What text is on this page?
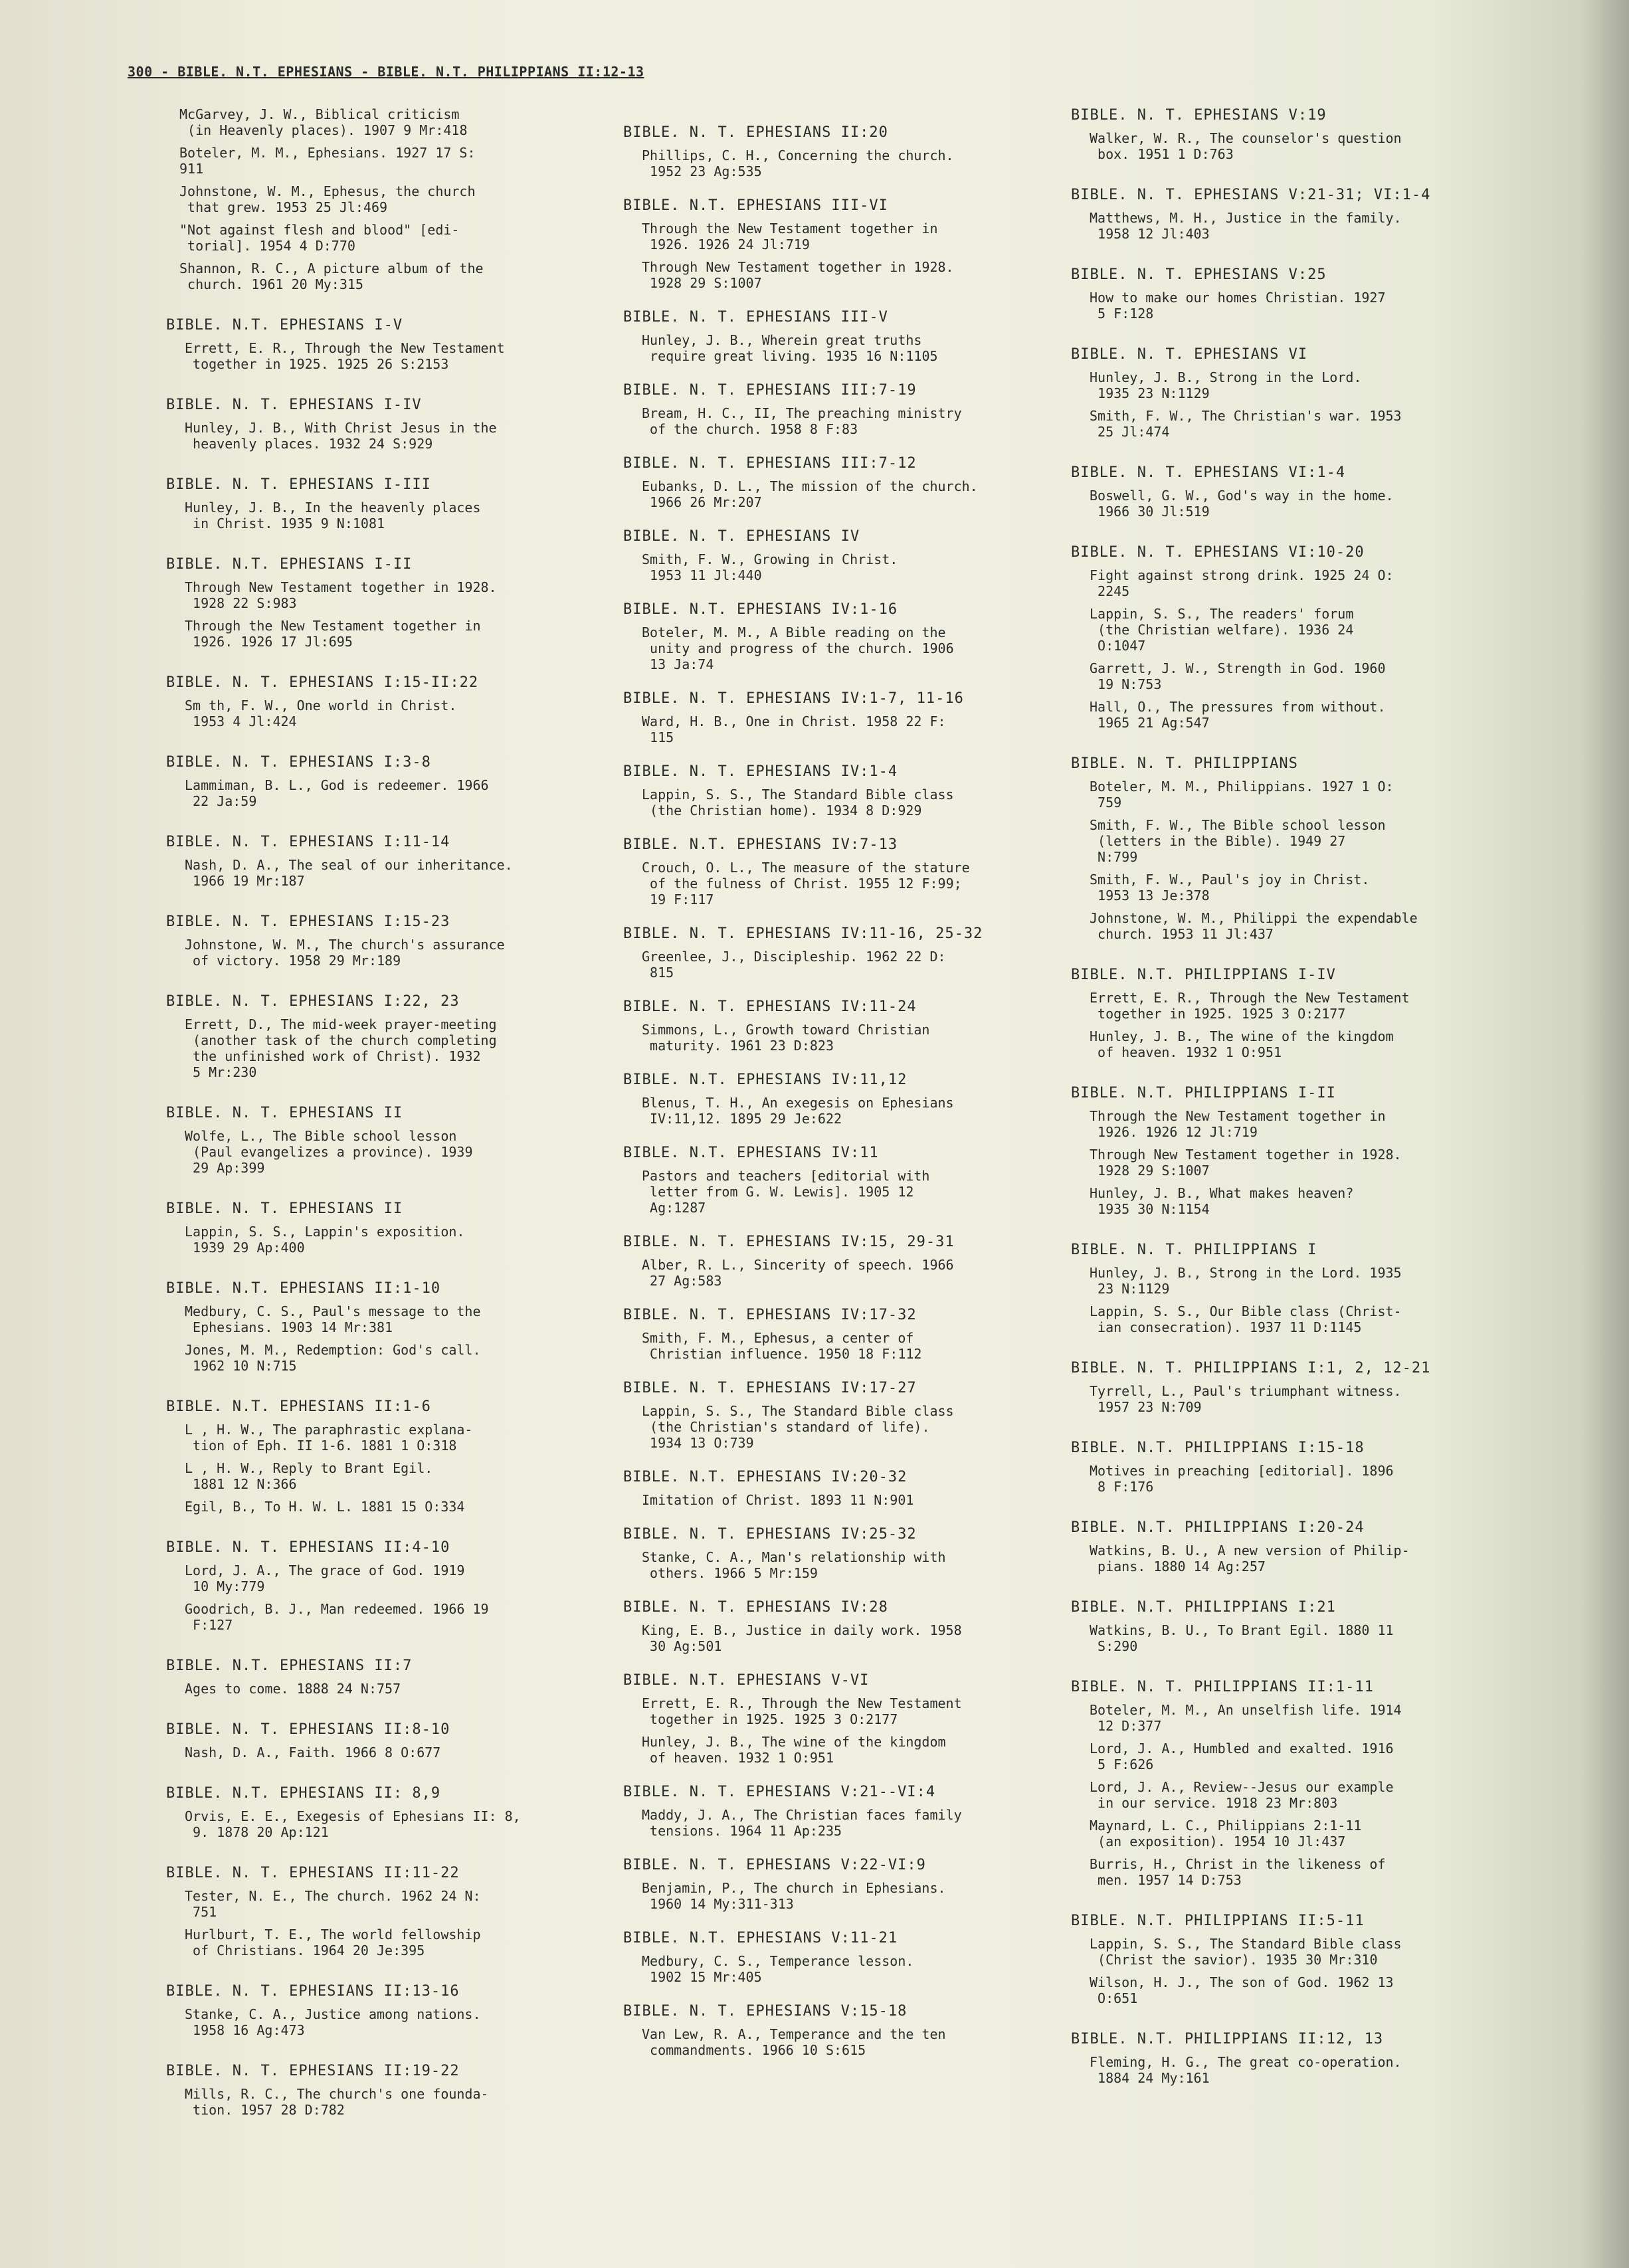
300 - BIBLE. N.T. EPHESIANS - BIBLE. N.T. PHILIPPIANS II:12-13
McGarvey, J. W., Biblical criticism
(in Heavenly places). 1907 9 Mr:418
Boteler, M. M., Ephesians. 1927 17 S:
911
Johnstone, W. M., Ephesus, the church
that grew. 1953 25 Jl:469
"Not against flesh and blood" [edi-
torial]. 1954 4 D:770
Shannon, R. C., A picture album of the
church. 1961 20 My:315
BIBLE. N.T. EPHESIANS I-V
Errett, E. R., Through the New Testament
together in 1925. 1925 26 S:2153
BIBLE. N. T. EPHESIANS I-IV
Hunley, J. B., With Christ Jesus in the
heavenly places. 1932 24 S:929
BIBLE. N. T. EPHESIANS I-III
Hunley, J. B., In the heavenly places
in Christ. 1935 9 N:1081
BIBLE. N.T. EPHESIANS I-II
Through New Testament together in 1928.
1928 22 S:983
Through the New Testament together in
1926. 1926 17 Jl:695
BIBLE. N. T. EPHESIANS I:15-II:22
Sm th, F. W., One world in Christ.
1953 4 Jl:424
BIBLE. N. T. EPHESIANS I:3-8
Lammiman, B. L., God is redeemer. 1966
22 Ja:59
BIBLE. N. T. EPHESIANS I:11-14
Nash, D. A., The seal of our inheritance.
1966 19 Mr:187
BIBLE. N. T. EPHESIANS I:15-23
Johnstone, W. M., The church's assurance
of victory. 1958 29 Mr:189
BIBLE. N. T. EPHESIANS I:22, 23
Errett, D., The mid-week prayer-meeting
(another task of the church completing
the unfinished work of Christ). 1932
5 Mr:230
BIBLE. N. T. EPHESIANS II
Wolfe, L., The Bible school lesson
(Paul evangelizes a province). 1939
29 Ap:399
BIBLE. N. T. EPHESIANS II
Lappin, S. S., Lappin's exposition.
1939 29 Ap:400
BIBLE. N.T. EPHESIANS II:1-10
Medbury, C. S., Paul's message to the
Ephesians. 1903 14 Mr:381
Jones, M. M., Redemption: God's call.
1962 10 N:715
BIBLE. N.T. EPHESIANS II:1-6
L , H. W., The paraphrastic explana-
tion of Eph. II 1-6. 1881 1 O:318
L , H. W., Reply to Brant Egil.
1881 12 N:366
Egil, B., To H. W. L. 1881 15 O:334
BIBLE. N. T. EPHESIANS II:4-10
Lord, J. A., The grace of God. 1919
10 My:779
Goodrich, B. J., Man redeemed. 1966 19
F:127
BIBLE. N.T. EPHESIANS II:7
Ages to come. 1888 24 N:757
BIBLE. N. T. EPHESIANS II:8-10
Nash, D. A., Faith. 1966 8 O:677
BIBLE. N.T. EPHESIANS II: 8,9
Orvis, E. E., Exegesis of Ephesians II: 8,
9. 1878 20 Ap:121
BIBLE. N. T. EPHESIANS II:11-22
Tester, N. E., The church. 1962 24 N:
751
Hurlburt, T. E., The world fellowship
of Christians. 1964 20 Je:395
BIBLE. N. T. EPHESIANS II:13-16
Stanke, C. A., Justice among nations.
1958 16 Ag:473
BIBLE. N. T. EPHESIANS II:19-22
Mills, R. C., The church's one founda-
tion. 1957 28 D:782
BIBLE. N. T. EPHESIANS II:20
Phillips, C. H., Concerning the church.
1952 23 Ag:535
BIBLE. N.T. EPHESIANS III-VI
Through the New Testament together in
1926. 1926 24 Jl:719
Through New Testament together in 1928.
1928 29 S:1007
BIBLE. N. T. EPHESIANS III-V
Hunley, J. B., Wherein great truths
require great living. 1935 16 N:1105
BIBLE. N. T. EPHESIANS III:7-19
Bream, H. C., II, The preaching ministry
of the church. 1958 8 F:83
BIBLE. N. T. EPHESIANS III:7-12
Eubanks, D. L., The mission of the church.
1966 26 Mr:207
BIBLE. N. T. EPHESIANS IV
Smith, F. W., Growing in Christ.
1953 11 Jl:440
BIBLE. N.T. EPHESIANS IV:1-16
Boteler, M. M., A Bible reading on the
unity and progress of the church. 1906
13 Ja:74
BIBLE. N. T. EPHESIANS IV:1-7, 11-16
Ward, H. B., One in Christ. 1958 22 F:
115
BIBLE. N. T. EPHESIANS IV:1-4
Lappin, S. S., The Standard Bible class
(the Christian home). 1934 8 D:929
BIBLE. N.T. EPHESIANS IV:7-13
Crouch, O. L., The measure of the stature
of the fulness of Christ. 1955 12 F:99;
19 F:117
BIBLE. N. T. EPHESIANS IV:11-16, 25-32
Greenlee, J., Discipleship. 1962 22 D:
815
BIBLE. N. T. EPHESIANS IV:11-24
Simmons, L., Growth toward Christian
maturity. 1961 23 D:823
BIBLE. N.T. EPHESIANS IV:11,12
Blenus, T. H., An exegesis on Ephesians
IV:11,12. 1895 29 Je:622
BIBLE. N.T. EPHESIANS IV:11
Pastors and teachers [editorial with
letter from G. W. Lewis]. 1905 12
Ag:1287
BIBLE. N. T. EPHESIANS IV:15, 29-31
Alber, R. L., Sincerity of speech. 1966
27 Ag:583
BIBLE. N. T. EPHESIANS IV:17-32
Smith, F. M., Ephesus, a center of
Christian influence. 1950 18 F:112
BIBLE. N. T. EPHESIANS IV:17-27
Lappin, S. S., The Standard Bible class
(the Christian's standard of life).
1934 13 O:739
BIBLE. N.T. EPHESIANS IV:20-32
Imitation of Christ. 1893 11 N:901
BIBLE. N. T. EPHESIANS IV:25-32
Stanke, C. A., Man's relationship with
others. 1966 5 Mr:159
BIBLE. N. T. EPHESIANS IV:28
King, E. B., Justice in daily work. 1958
30 Ag:501
BIBLE. N.T. EPHESIANS V-VI
Errett, E. R., Through the New Testament
together in 1925. 1925 3 O:2177
Hunley, J. B., The wine of the kingdom
of heaven. 1932 1 O:951
BIBLE. N. T. EPHESIANS V:21--VI:4
Maddy, J. A., The Christian faces family
tensions. 1964 11 Ap:235
BIBLE. N. T. EPHESIANS V:22-VI:9
Benjamin, P., The church in Ephesians.
1960 14 My:311-313
BIBLE. N.T. EPHESIANS V:11-21
Medbury, C. S., Temperance lesson.
1902 15 Mr:405
BIBLE. N. T. EPHESIANS V:15-18
Van Lew, R. A., Temperance and the ten
commandments. 1966 10 S:615
BIBLE. N. T. EPHESIANS V:19
Walker, W. R., The counselor's question
box. 1951 1 D:763
BIBLE. N. T. EPHESIANS V:21-31; VI:1-4
Matthews, M. H., Justice in the family.
1958 12 Jl:403
BIBLE. N. T. EPHESIANS V:25
How to make our homes Christian. 1927
5 F:128
BIBLE. N. T. EPHESIANS VI
Hunley, J. B., Strong in the Lord.
1935 23 N:1129
Smith, F. W., The Christian's war. 1953
25 Jl:474
BIBLE. N. T. EPHESIANS VI:1-4
Boswell, G. W., God's way in the home.
1966 30 Jl:519
BIBLE. N. T. EPHESIANS VI:10-20
Fight against strong drink. 1925 24 O:
2245
Lappin, S. S., The readers' forum
(the Christian welfare). 1936 24
O:1047
Garrett, J. W., Strength in God. 1960
19 N:753
Hall, O., The pressures from without.
1965 21 Ag:547
BIBLE. N. T. PHILIPPIANS
Boteler, M. M., Philippians. 1927 1 O:
759
Smith, F. W., The Bible school lesson
(letters in the Bible). 1949 27
N:799
Smith, F. W., Paul's joy in Christ.
1953 13 Je:378
Johnstone, W. M., Philippi the expendable
church. 1953 11 Jl:437
BIBLE. N.T. PHILIPPIANS I-IV
Errett, E. R., Through the New Testament
together in 1925. 1925 3 O:2177
Hunley, J. B., The wine of the kingdom
of heaven. 1932 1 O:951
BIBLE. N.T. PHILIPPIANS I-II
Through the New Testament together in
1926. 1926 12 Jl:719
Through New Testament together in 1928.
1928 29 S:1007
Hunley, J. B., What makes heaven?
1935 30 N:1154
BIBLE. N. T. PHILIPPIANS I
Hunley, J. B., Strong in the Lord. 1935
23 N:1129
Lappin, S. S., Our Bible class (Christ-
ian consecration). 1937 11 D:1145
BIBLE. N. T. PHILIPPIANS I:1, 2, 12-21
Tyrrell, L., Paul's triumphant witness.
1957 23 N:709
BIBLE. N.T. PHILIPPIANS I:15-18
Motives in preaching [editorial]. 1896
8 F:176
BIBLE. N.T. PHILIPPIANS I:20-24
Watkins, B. U., A new version of Philip-
pians. 1880 14 Ag:257
BIBLE. N.T. PHILIPPIANS I:21
Watkins, B. U., To Brant Egil. 1880 11
S:290
BIBLE. N. T. PHILIPPIANS II:1-11
Boteler, M. M., An unselfish life. 1914
12 D:377
Lord, J. A., Humbled and exalted. 1916
5 F:626
Lord, J. A., Review--Jesus our example
in our service. 1918 23 Mr:803
Maynard, L. C., Philippians 2:1-11
(an exposition). 1954 10 Jl:437
Burris, H., Christ in the likeness of
men. 1957 14 D:753
BIBLE. N.T. PHILIPPIANS II:5-11
Lappin, S. S., The Standard Bible class
(Christ the savior). 1935 30 Mr:310
Wilson, H. J., The son of God. 1962 13
O:651
BIBLE. N.T. PHILIPPIANS II:12, 13
Fleming, H. G., The great co-operation.
1884 24 My:161
